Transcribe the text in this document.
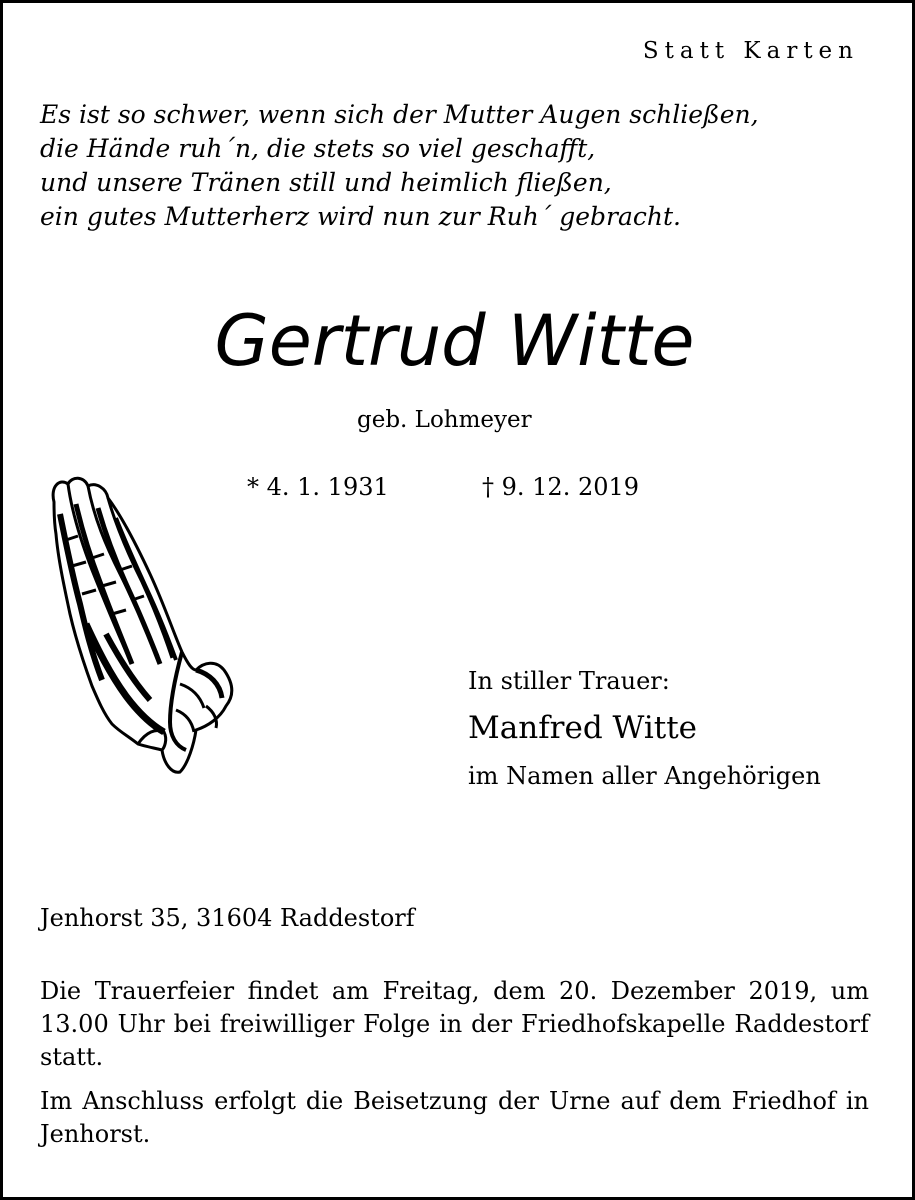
Statt Karten
Es ist so schwer, wenn sich der Mutter Augen schließen,
die Hände ruh´n, die stets so viel geschafft,
und unsere Tränen still und heimlich fließen,
ein gutes Mutterherz wird nun zur Ruh´ gebracht.
Gertrud Witte
geb. Lohmeyer
* 4. 1. 1931	† 9. 12. 2019
In stiller Trauer:
Manfred Witte
im Namen aller Angehörigen
Jenhorst 35, 31604 Raddestorf
Die Trauerfeier findet am Freitag, dem 20. Dezember 2019, um 13.00 Uhr bei freiwilliger Folge in der Friedhofskapelle Raddestorf statt.
Im Anschluss erfolgt die Beisetzung der Urne auf dem Friedhof in Jenhorst.
